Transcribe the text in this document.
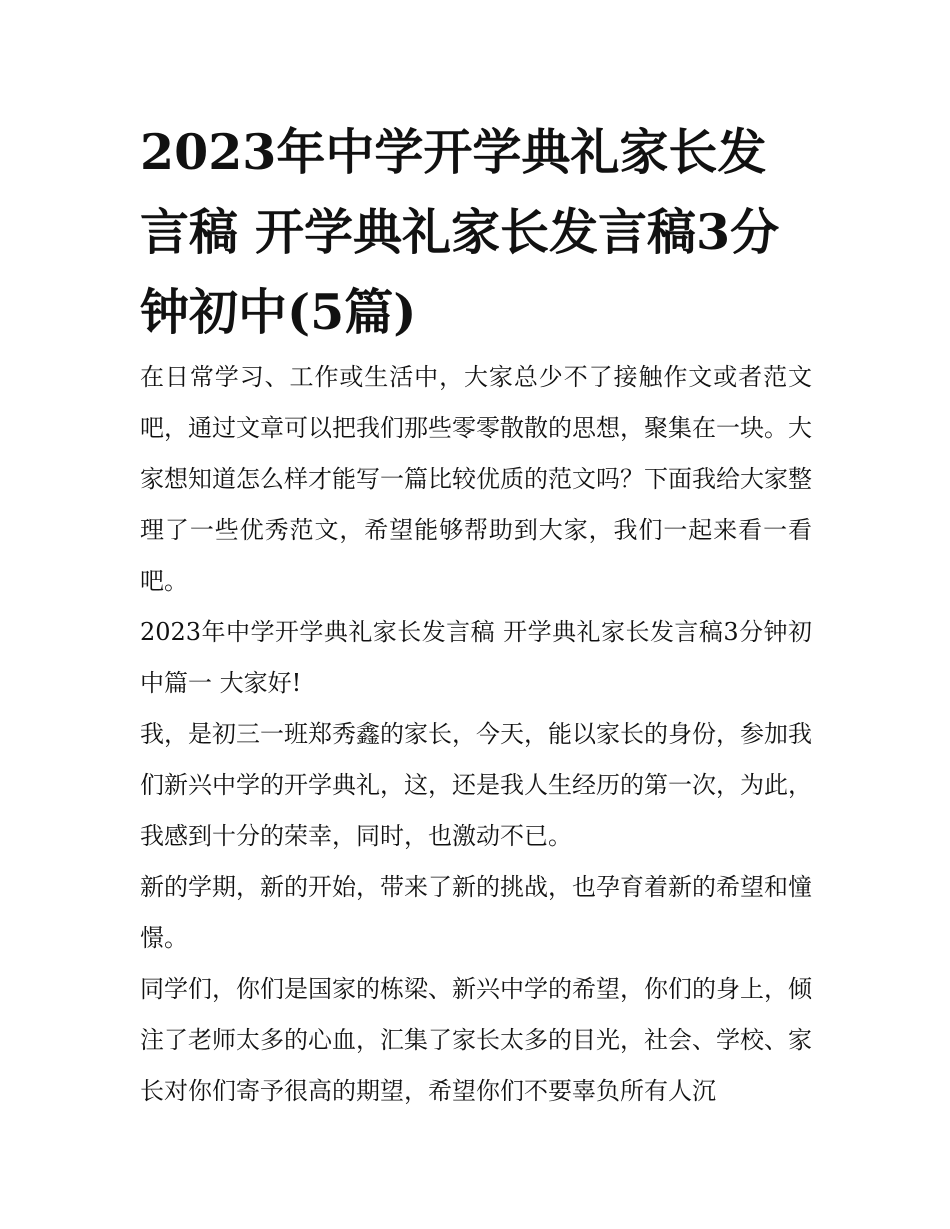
2023年中学开学典礼家长发言稿 开学典礼家长发言稿3分钟初中(5篇)

在日常学习、工作或生活中，大家总少不了接触作文或者范文吧，通过文章可以把我们那些零零散散的思想，聚集在一块。大家想知道怎么样才能写一篇比较优质的范文吗？下面我给大家整理了一些优秀范文，希望能够帮助到大家，我们一起来看一看吧。

2023年中学开学典礼家长发言稿 开学典礼家长发言稿3分钟初中篇一 大家好!

我，是初三一班郑秀鑫的家长，今天，能以家长的身份，参加我们新兴中学的开学典礼，这，还是我人生经历的第一次，为此，我感到十分的荣幸，同时，也激动不已。

新的学期，新的开始，带来了新的挑战，也孕育着新的希望和憧憬。

同学们，你们是国家的栋梁、新兴中学的希望，你们的身上，倾注了老师太多的心血，汇集了家长太多的目光，社会、学校、家长对你们寄予很高的期望，希望你们不要辜负所有人沉
